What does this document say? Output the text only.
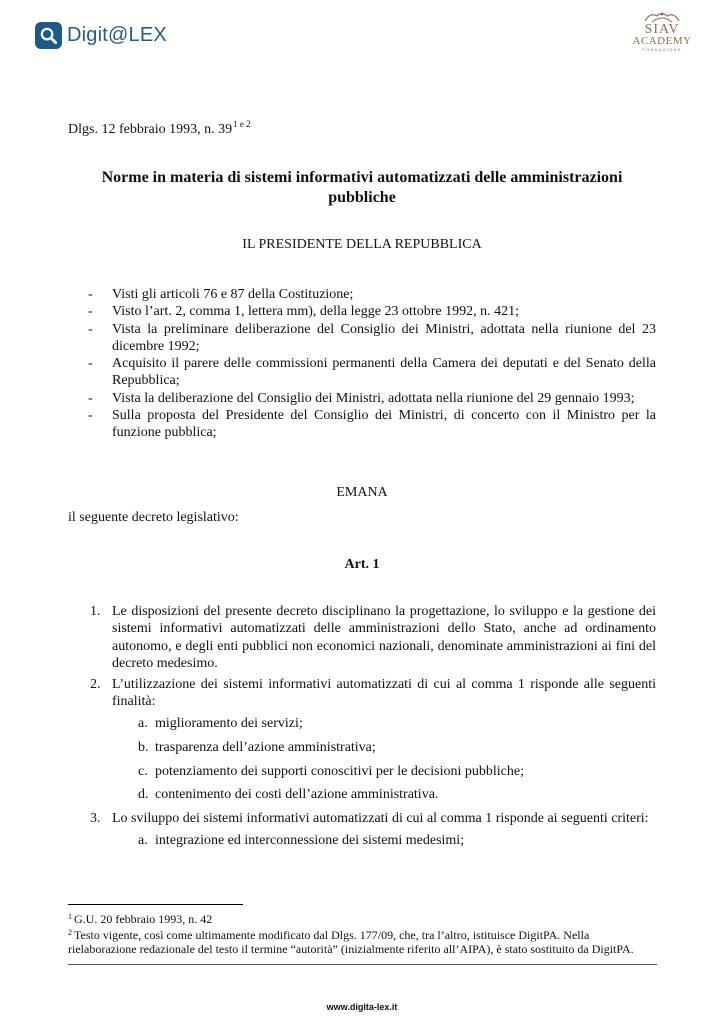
Digit@LEX	SIAV
ACADEMY
FONDAZIONE
Dlgs. 12 febbraio 1993, n. $39^{1 e 2}$
Norme in materia di sistemi informativi automatizzati delle amministrazioni pubbliche
IL PRESIDENTE DELLA REPUBBLICA
- Visti gli articoli 76 e 87 della Costituzione;
- Visto l’art. 2, comma 1, lettera mm), della legge 23 ottobre 1992, n. 421;
- Vista la preliminare deliberazione del Consiglio dei Ministri, adottata nella riunione del 23 dicembre 1992;
- Acquisito il parere delle commissioni permanenti della Camera dei deputati e del Senato della Repubblica;
- Vista la deliberazione del Consiglio dei Ministri, adottata nella riunione del 29 gennaio 1993;
- Sulla proposta del Presidente del Consiglio dei Ministri, di concerto con il Ministro per la funzione pubblica;
EMANA
il seguente decreto legislativo:
Art. 1
1. Le disposizioni del presente decreto disciplinano la progettazione, lo sviluppo e la gestione dei sistemi informativi automatizzati delle amministrazioni dello Stato, anche ad ordinamento autonomo, e degli enti pubblici non economici nazionali, denominate amministrazioni ai fini del decreto medesimo.
2. L’utilizzazione dei sistemi informativi automatizzati di cui al comma 1 risponde alle seguenti finalità:
a. miglioramento dei servizi;
b. trasparenza dell’azione amministrativa;
c. potenziamento dei supporti conoscitivi per le decisioni pubbliche;
d. contenimento dei costi dell’azione amministrativa.
3. Lo sviluppo dei sistemi informativi automatizzati di cui al comma 1 risponde ai seguenti criteri:
a. integrazione ed interconnessione dei sistemi medesimi;
$^1$ G.U. 20 febbraio 1993, n. 42
$^2$ Testo vigente, così come ultimamente modificato dal Dlgs. 177/09, che, tra l’altro, istituisce DigitPA. Nella rielaborazione redazionale del testo il termine “autorità” (inizialmente riferito all’AIPA), è stato sostituito da DigitPA.
www.digita-lex.it
